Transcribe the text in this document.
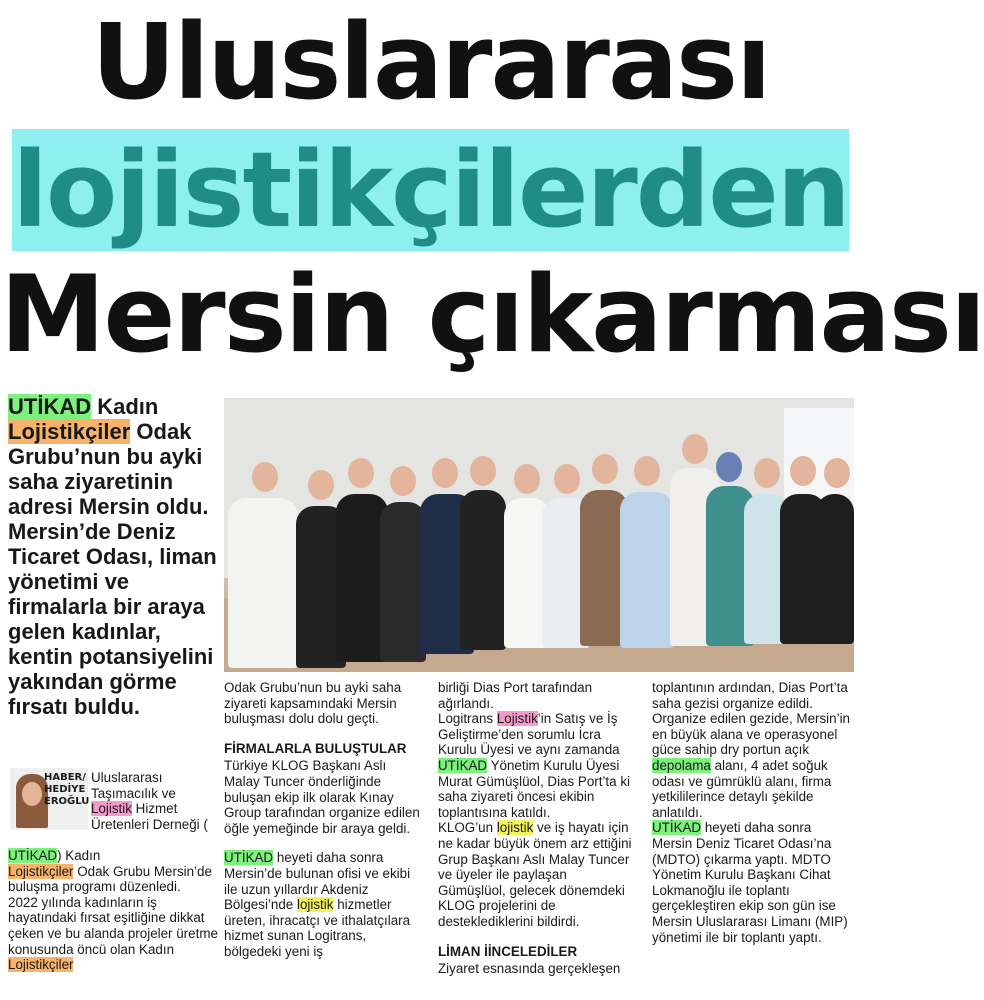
Uluslararası
lojistikçilerden
Mersin çıkarması
UTİKAD Kadın Lojistikçiler Odak Grubu’nun bu ayki saha ziyaretinin adresi Mersin oldu. Mersin’de Deniz Ticaret Odası, liman yönetimi ve firmalarla bir araya gelen kadınlar, kentin potansiyelini yakından görme fırsatı buldu.
HABER/ HEDİYE EROĞLU
Uluslararası Taşımacılık ve Lojistik Hizmet Üretenleri Derneği (

UTİKAD) Kadın
Lojistikçiler Odak Grubu Mersin’de buluşma programı düzenledi.

2022 yılında kadınların iş hayatındaki fırsat eşitliğine dikkat çeken ve bu alanda projeler üretme konusunda öncü olan Kadın Lojistikçiler

Odak Grubu’nun bu ayki saha ziyareti kapsamındaki Mersin buluşması dolu dolu geçti.

FİRMALARLA BULUŞTULAR

Türkiye KLOG Başkanı Aslı Malay Tuncer önderliğinde buluşan ekip ilk olarak Kınay Group tarafından organize edilen öğle yemeğinde bir araya geldi.

UTİKAD heyeti daha sonra Mersin’de bulunan ofisi ve ekibi ile uzun yıllardır Akdeniz Bölgesi’nde lojistik hizmetler üreten, ihracatçı ve ithalatçılara hizmet sunan Logitrans, bölgedeki yeni iş

birliği Dias Port tarafından ağırlandı.

Logitrans Lojistik’in Satış ve İş Geliştirme’den sorumlu İcra Kurulu Üyesi ve aynı zamanda UTİKAD Yönetim Kurulu Üyesi Murat Gümüşlüol, Dias Port’ta ki saha ziyareti öncesi ekibin toplantısına katıldı.

KLOG’un lojistik ve iş hayatı için ne kadar büyük önem arz ettiğini Grup Başkanı Aslı Malay Tuncer ve üyeler ile paylaşan Gümüşlüol, gelecek dönemdeki KLOG projelerini de desteklediklerini bildirdi.

LİMAN İİNCELEDİLER

Ziyaret esnasında gerçekleşen

toplantının ardından, Dias Port’ta saha gezisi organize edildi. Organize edilen gezide, Mersin’in en büyük alana ve operasyonel güce sahip dry portun açık depolama alanı, 4 adet soğuk odası ve gümrüklü alanı, firma yetkililerince detaylı şekilde anlatıldı.

UTİKAD heyeti daha sonra Mersin Deniz Ticaret Odası’na (MDTO) çıkarma yaptı. MDTO Yönetim Kurulu Başkanı Cihat Lokmanoğlu ile toplantı gerçekleştiren ekip son gün ise Mersin Uluslararası Limanı (MIP) yönetimi ile bir toplantı yaptı.
